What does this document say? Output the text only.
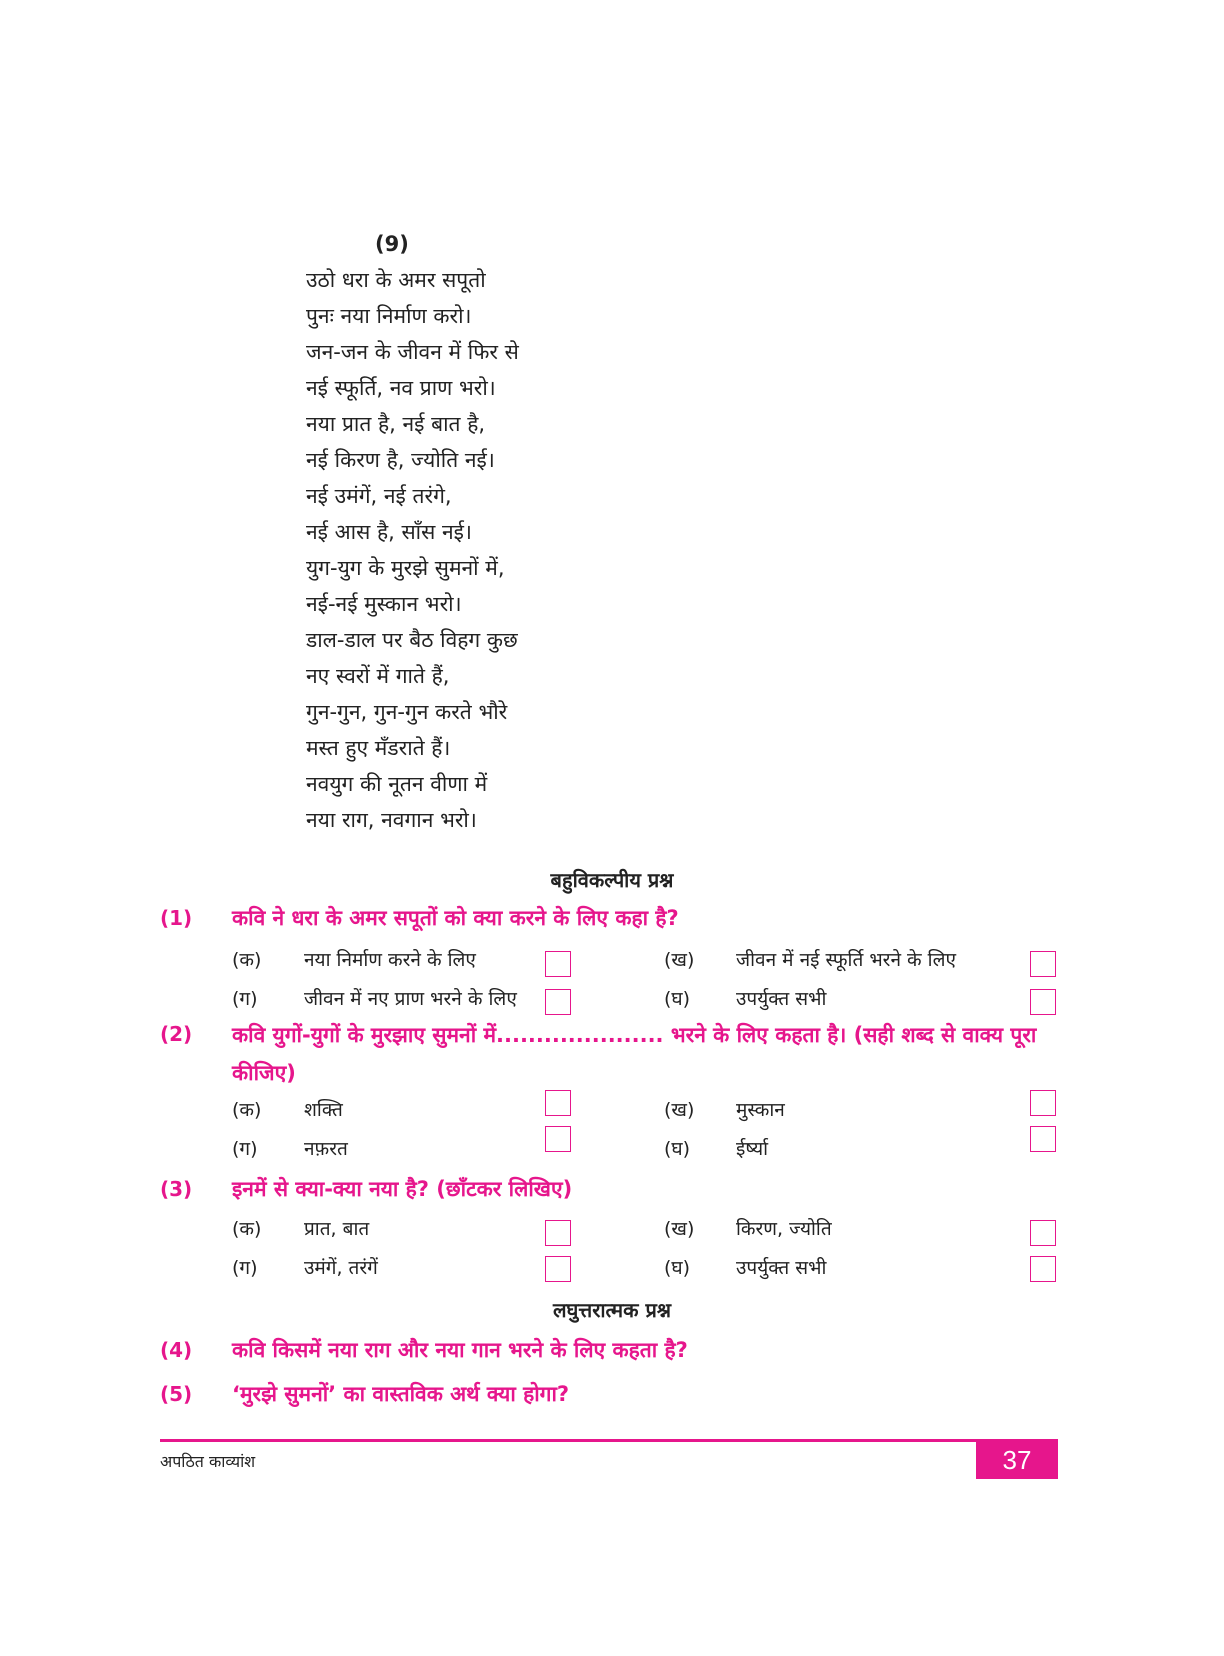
(9)
उठो धरा के अमर सपूतो
पुनः नया निर्माण करो।
जन-जन के जीवन में फिर से
नई स्फूर्ति, नव प्राण भरो।
नया प्रात है, नई बात है,
नई किरण है, ज्योति नई।
नई उमंगें, नई तरंगे,
नई आस है, साँस नई।
युग-युग के मुरझे सुमनों में,
नई-नई मुस्कान भरो।
डाल-डाल पर बैठ विहग कुछ
नए स्वरों में गाते हैं,
गुन-गुन, गुन-गुन करते भौरे
मस्त हुए मँडराते हैं।
नवयुग की नूतन वीणा में
नया राग, नवगान भरो।
बहुविकल्पीय प्रश्न
(1) कवि ने धरा के अमर सपूतों को क्या करने के लिए कहा है?
(क) नया निर्माण करने के लिए	(ख) जीवन में नई स्फूर्ति भरने के लिए
(ग) जीवन में नए प्राण भरने के लिए	(घ) उपर्युक्त सभी
(2) कवि युगों-युगों के मुरझाए सुमनों में..................... भरने के लिए कहता है। (सही शब्द से वाक्य पूरा कीजिए)
(क) शक्ति	(ख) मुस्कान
(ग) नफ़रत	(घ) ईर्ष्या
(3) इनमें से क्या-क्या नया है? (छाँटकर लिखिए)
(क) प्रात, बात	(ख) किरण, ज्योति
(ग) उमंगें, तरंगें	(घ) उपर्युक्त सभी
लघुत्तरात्मक प्रश्न
(4) कवि किसमें नया राग और नया गान भरने के लिए कहता है?
(5) ‘मुरझे सुमनों’ का वास्तविक अर्थ क्या होगा?
अपठित काव्यांश	37
